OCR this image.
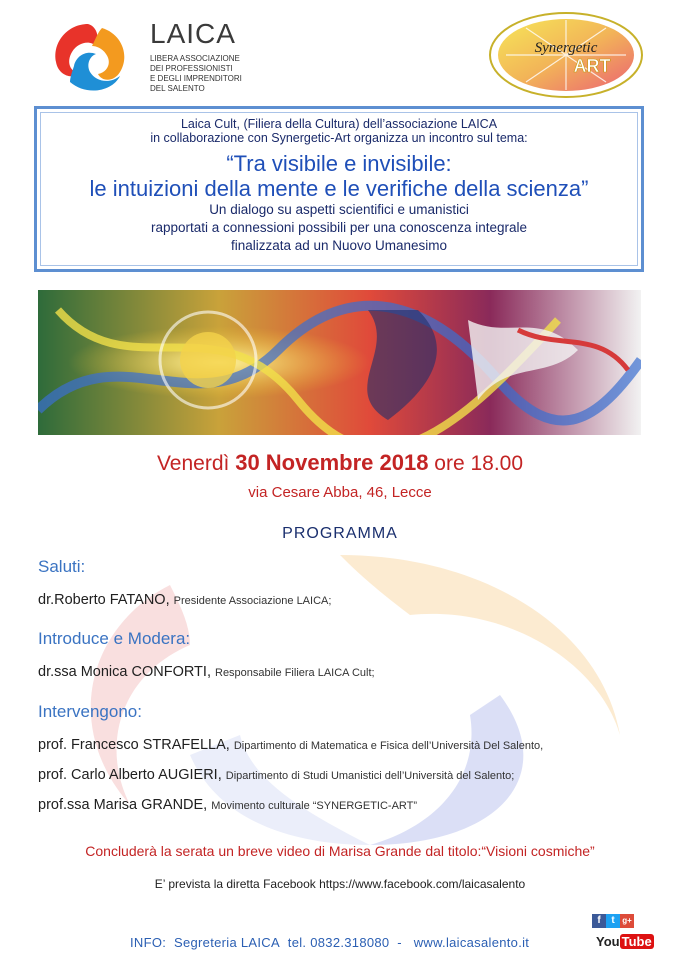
LAICA
LIBERA ASSOCIAZIONE
DEI PROFESSIONISTI
E DEGLI IMPRENDITORI
DEL SALENTO
Synergetic
ART
Laica Cult, (Filiera della Cultura) dell’associazione LAICA
in collaborazione con Synergetic-Art organizza un incontro sul tema:
“Tra visibile e invisibile:
le intuizioni della mente e le verifiche della scienza”
Un dialogo su aspetti scientifici e umanistici
rapportati a connessioni possibili per una conoscenza integrale
finalizzata ad un Nuovo Umanesimo
Venerdì 30 Novembre 2018 ore 18.00
via Cesare Abba, 46, Lecce
PROGRAMMA
Saluti:
dr.Roberto FATANO, Presidente Associazione LAICA;
Introduce e Modera:
dr.ssa Monica CONFORTI, Responsabile Filiera LAICA Cult;
Intervengono:
prof. Francesco STRAFELLA, Dipartimento di Matematica e Fisica dell’Università Del Salento,
prof. Carlo Alberto AUGIERI, Dipartimento di Studi Umanistici dell’Università del Salento;
prof.ssa Marisa GRANDE, Movimento culturale “SYNERGETIC-ART”
Concluderà la serata un breve video di Marisa Grande dal titolo:“Visioni cosmiche”
E’ prevista la diretta Facebook https://www.facebook.com/laicasalento
INFO: Segreteria LAICA tel. 0832.318080 - www.laicasalento.it
f t g+
You Tube
